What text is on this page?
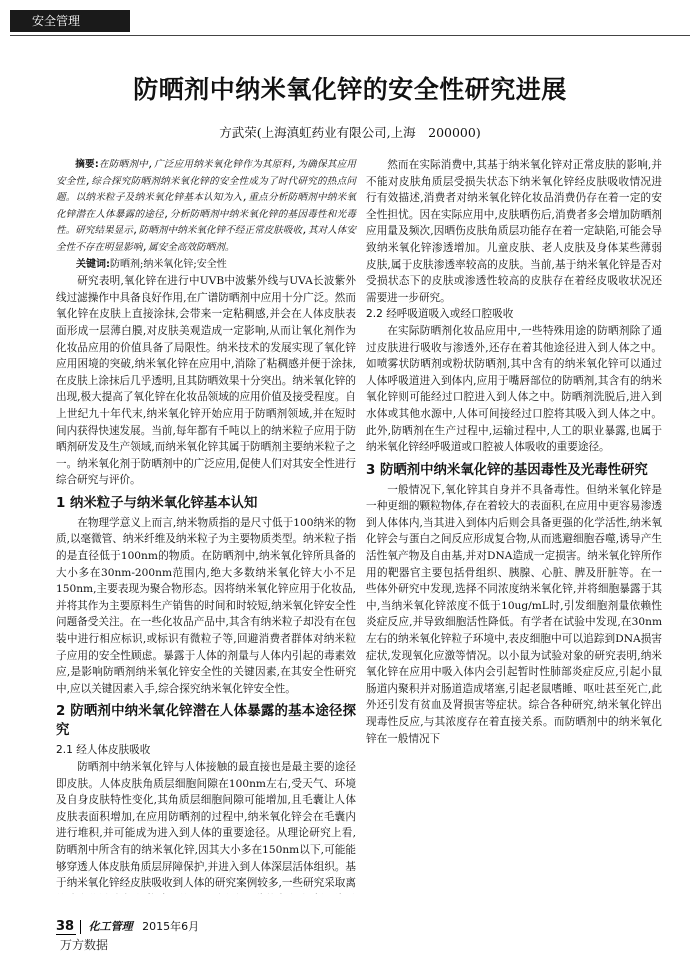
安全管理
防晒剂中纳米氧化锌的安全性研究进展
方武荣(上海滇虹药业有限公司,上海　200000)
摘要:在防晒剂中,广泛应用纳米氧化锌作为其原料,为确保其应用安全性,综合探究防晒剂纳米氧化锌的安全性成为了时代研究的热点问题。以纳米粒子及纳米氧化锌基本认知为入,重点分析防晒剂中纳米氧化锌潜在人体暴露的途径,分析防晒剂中纳米氧化锌的基因毒性和光毒性。研究结果显示,防晒剂中纳米氧化锌不经正常皮肤吸收,其对人体安全性不存在明显影响,属安全高效防晒剂。

关键词:防晒剂;纳米氧化锌;安全性

研究表明,氧化锌在进行中UVB中波紫外线与UVA长波紫外线过滤操作中具备良好作用,在广谱防晒剂中应用十分广泛。然而氧化锌在皮肤上直接涂抹,会带来一定粘稠感,并会在人体皮肤表面形成一层薄白膜,对皮肤美观造成一定影响,从而让氧化剂作为化妆品应用的价值具备了局限性。纳米技术的发展实现了氧化锌应用困境的突破,纳米氧化锌在应用中,消除了粘稠感并便于涂抹,在皮肤上涂抹后几乎透明,且其防晒效果十分突出。纳米氧化锌的出现,极大提高了氧化锌在化妆品领域的应用价值及接受程度。自上世纪九十年代末,纳米氧化锌开始应用于防晒剂领域,并在短时间内获得快速发展。当前,每年都有千吨以上的纳米粒子应用于防晒剂研发及生产领域,而纳米氧化锌其属于防晒剂主要纳米粒子之一。纳米氧化剂于防晒剂中的广泛应用,促使人们对其安全性进行综合研究与评价。

1 纳米粒子与纳米氧化锌基本认知

在物理学意义上而言,纳米物质指的是尺寸低于100纳米的物质,以毫微管、纳米纤维及纳米粒子为主要物质类型。纳米粒子指的是直径低于100nm的物质。在防晒剂中,纳米氧化锌所具备的大小多在30nm-200nm范围内,绝大多数纳米氧化锌大小不足150nm,主要表现为聚合物形态。因将纳米氧化锌应用于化妆品,并将其作为主要原料生产销售的时间和时较短,纳米氧化锌安全性问题备受关注。在一些化妆品产品中,其含有纳米粒子却没有在包装中进行相应标识,或标识有微粒子等,回避消费者群体对纳米粒子应用的安全性顾虑。暴露于人体的剂量与人体内引起的毒素效应,是影响防晒剂纳米氧化锌安全性的关键因素,在其安全性研究中,应以关键因素入手,综合探究纳米氧化锌安全性。

2 防晒剂中纳米氧化锌潜在人体暴露的基本途径探究
2.1 经人体皮肤吸收

防晒剂中纳米氧化锌与人体接触的最直接也是最主要的途径即皮肤。人体皮肤角质层细胞间隙在100nm左右,受天气、环境及自身皮肤特性变化,其角质层细胞间隙可能增加,且毛囊让人体皮肤表面积增加,在应用防晒剂的过程中,纳米氧化锌会在毛囊内进行堆积,并可能成为进入到人体的重要途径。从理论研究上看,防晒剂中所含有的纳米氧化锌,因其大小多在150nm以下,可能能够穿透人体皮肤角质层屏障保护,并进入到人体深层活体组织。基于纳米氧化锌经皮肤吸收到人体的研究案例较多,一些研究采取离

然而在实际消费中,其基于纳米氧化锌对正常皮肤的影响,并不能对皮肤角质层受损失状态下纳米氧化锌经皮肤吸收情况进行有效描述,消费者对纳米氧化锌化妆品消费仍存在着一定的安全性担忧。因在实际应用中,皮肤晒伤后,消费者多会增加防晒剂应用量及频次,因晒伤皮肤角质层功能存在着一定缺陷,可能会导致纳米氧化锌渗透增加。儿童皮肤、老人皮肤及身体某些薄弱皮肤,属于皮肤渗透率较高的皮肤。当前,基于纳米氧化锌是否对受损状态下的皮肤或渗透性较高的皮肤存在着经皮吸收状况还需要进一步研究。

2.2 经呼吸道吸入或经口腔吸收

在实际防晒剂化妆品应用中,一些特殊用途的防晒剂除了通过皮肤进行吸收与渗透外,还存在着其他途径进入到人体之中。如喷雾状防晒剂或粉状防晒剂,其中含有的纳米氧化锌可以通过人体呼吸道进入到体内,应用于嘴唇部位的防晒剂,其含有的纳米氧化锌则可能经过口腔进入到人体之中。防晒剂洗脱后,进入到水体或其他水源中,人体可间接经过口腔将其吸入到人体之中。此外,防晒剂在生产过程中,运输过程中,人工的职业暴露,也属于纳米氧化锌经呼吸道或口腔被人体吸收的重要途径。

3 防晒剂中纳米氧化锌的基因毒性及光毒性研究

一般情况下,氧化锌其自身并不具备毒性。但纳米氧化锌是一种更细的颗粒物体,存在着较大的表面积,在应用中更容易渗透到人体体内,当其进入到体内后则会具备更强的化学活性,纳米氧化锌会与蛋白之间反应形成复合物,从而逃避细胞吞噬,诱导产生活性氧产物及自由基,并对DNA造成一定损害。纳米氧化锌所作用的靶器官主要包括骨组织、胰腺、心脏、脾及肝脏等。在一些体外研究中发现,选择不同浓度纳米氧化锌,并将细胞暴露于其中,当纳米氧化锌浓度不低于10ug/mL时,引发细胞剂量依赖性炎症反应,并导致细胞活性降低。有学者在试验中发现,在30nm左右的纳米氧化锌粒子环境中,表皮细胞中可以追踪到DNA损害症状,发现氧化应激等情况。以小鼠为试验对象的研究表明,纳米氧化锌在应用中吸入体内会引起暂时性肺部炎症反应,引起小鼠肠道内聚积并对肠道造成堵塞,引起老鼠嗜睡、呕吐甚至死亡,此外还引发有贫血及肾损害等症状。综合各种研究,纳米氧化锌出现毒性反应,与其浓度存在着直接关系。而防晒剂中的纳米氧化锌在一般情况下

38 化工管理 2015年6月
万方数据
